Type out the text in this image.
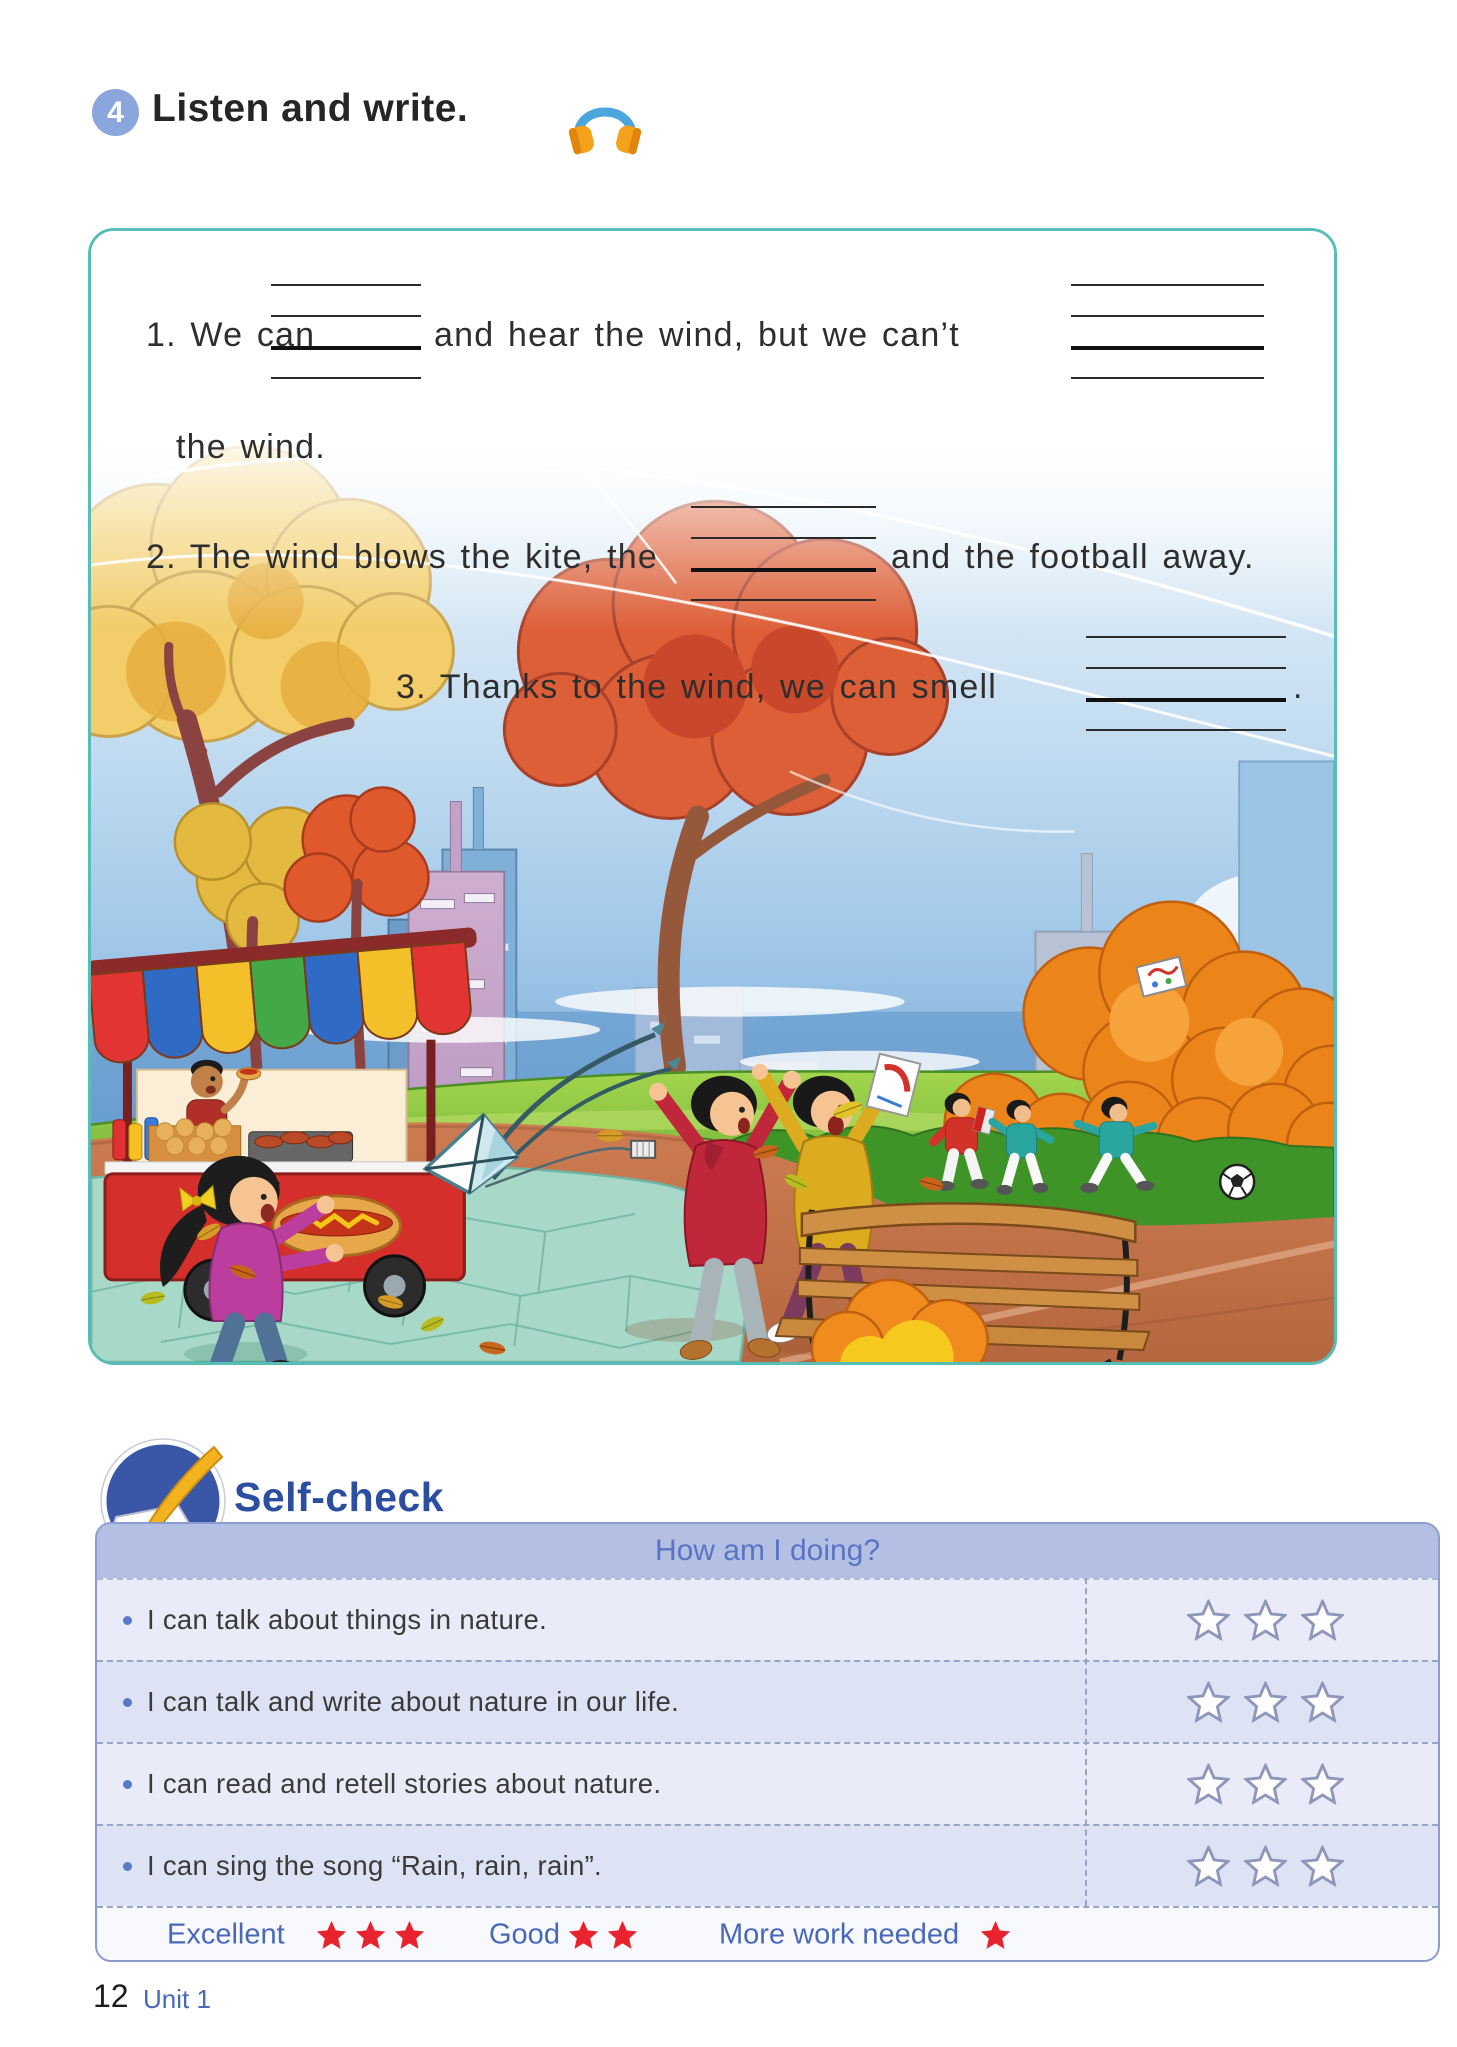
4 Listen and write.
1. We can	and hear the wind, but we can’t
the wind.
2. The wind blows the kite, the	and the football away.
3. Thanks to the wind, we can smell	.
Self-check
How am I doing?
I can talk about things in nature.
I can talk and write about nature in our life.
I can read and retell stories about nature.
I can sing the song “Rain, rain, rain”.
Excellent	Good	More work needed
12 Unit 1
